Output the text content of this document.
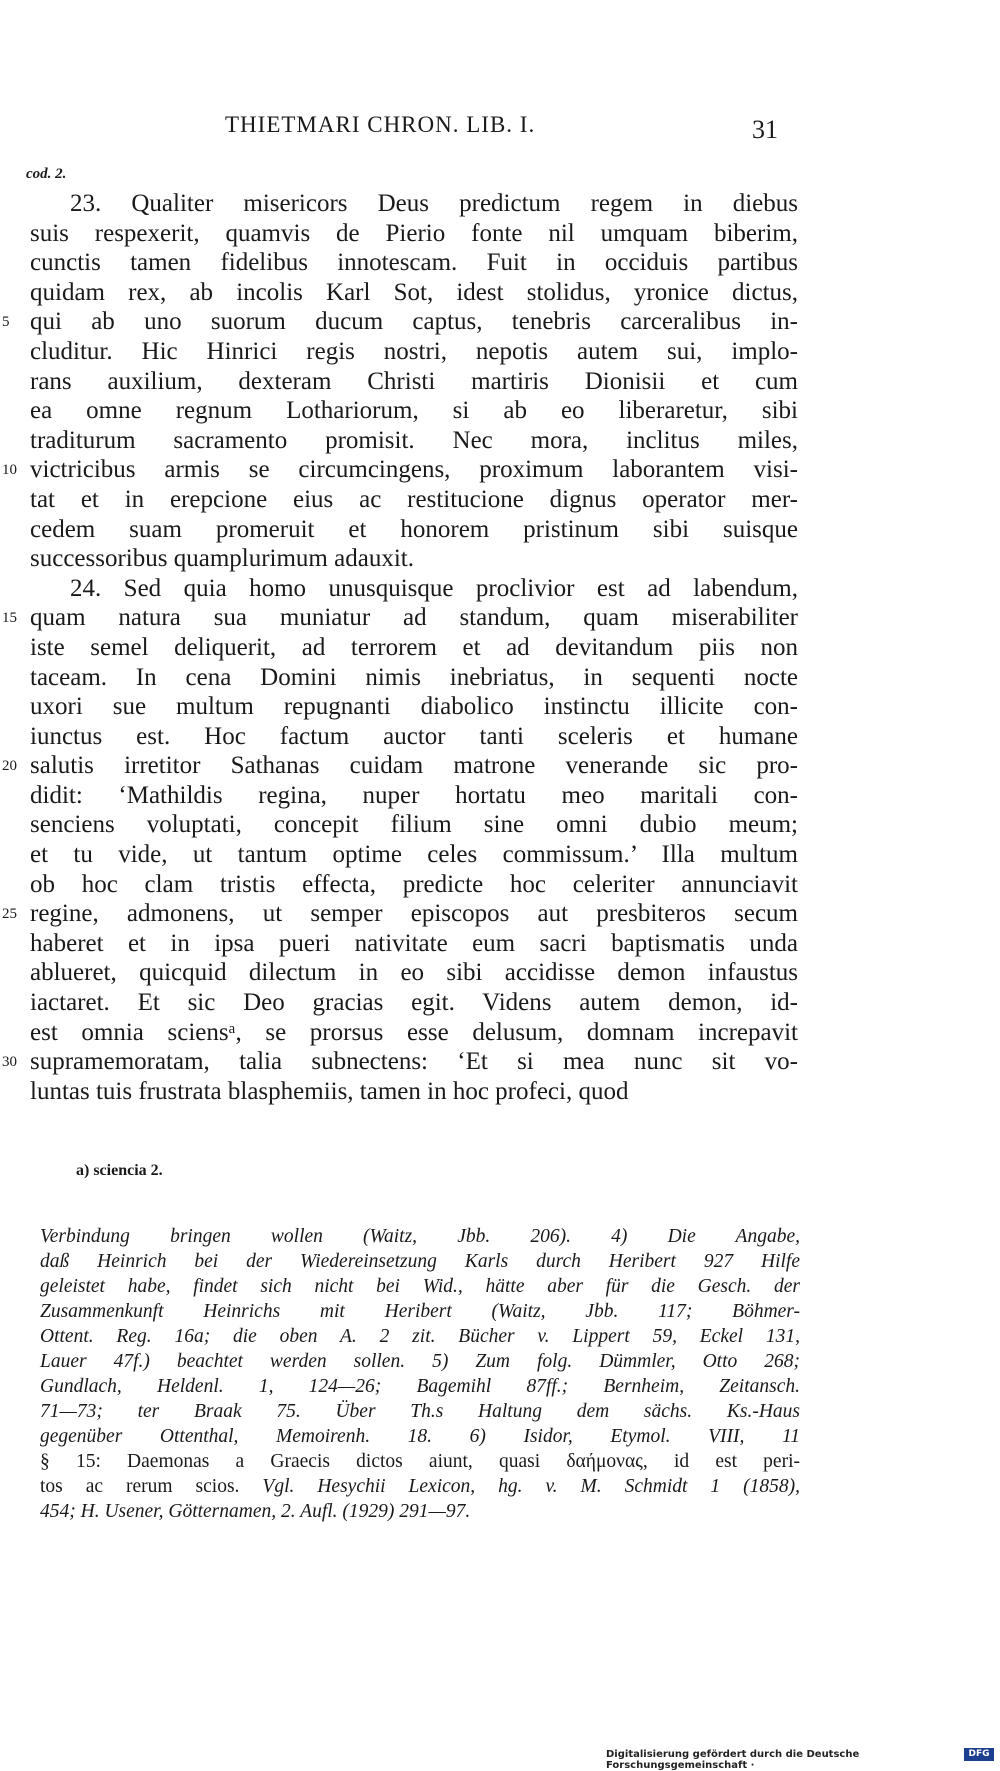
THIETMARI CHRON. LIB. I.	31
cod. 2.
23. Qualiter misericors Deus predictum regem in diebus
suis respexerit, quamvis de Pierio fonte nil umquam biberim,
cunctis tamen fidelibus innotescam. Fuit in occiduis partibus
quidam rex, ab incolis Karl Sot, idest stolidus, yronice dictus,
5 qui ab uno suorum ducum captus, tenebris carceralibus in-
cluditur. Hic Hinrici regis nostri, nepotis autem sui, implo-
rans auxilium, dexteram Christi martiris Dionisii et cum
ea omne regnum Lothariorum, si ab eo liberaretur, sibi
traditurum sacramento promisit. Nec mora, inclitus miles,
10 victricibus armis se circumcingens, proximum laborantem visi-
tat et in erepcione eius ac restitucione dignus operator mer-
cedem suam promeruit et honorem pristinum sibi suisque
successoribus quamplurimum adauxit.
24. Sed quia homo unusquisque proclivior est ad labendum,
15 quam natura sua muniatur ad standum, quam miserabiliter
iste semel deliquerit, ad terrorem et ad devitandum piis non
taceam. In cena Domini nimis inebriatus, in sequenti nocte
uxori sue multum repugnanti diabolico instinctu illicite con-
iunctus est. Hoc factum auctor tanti sceleris et humane
20 salutis irretitor Sathanas cuidam matrone venerande sic pro-
didit: ‘Mathildis regina, nuper hortatu meo maritali con-
senciens voluptati, concepit filium sine omni dubio meum;
et tu vide, ut tantum optime celes commissum.’ Illa multum
ob hoc clam tristis effecta, predicte hoc celeriter annunciavit
25 regine, admonens, ut semper episcopos aut presbiteros secum
haberet et in ipsa pueri nativitate eum sacri baptismatis unda
ablueret, quicquid dilectum in eo sibi accidisse demon infaustus
iactaret. Et sic Deo gracias egit. Videns autem demon, id-
est omnia sciensᵃ, se prorsus esse delusum, domnam increpavit
30 supramemoratam, talia subnectens: ‘Et si mea nunc sit vo-
luntas tuis frustrata blasphemiis, tamen in hoc profeci, quod
a) sciencia 2.
Verbindung bringen wollen (Waitz, Jbb. 206). 4) Die Angabe,
daß Heinrich bei der Wiedereinsetzung Karls durch Heribert 927 Hilfe
geleistet habe, findet sich nicht bei Wid., hätte aber für die Gesch. der
Zusammenkunft Heinrichs mit Heribert (Waitz, Jbb. 117; Böhmer-
Ottent. Reg. 16a; die oben A. 2 zit. Bücher v. Lippert 59, Eckel 131,
Lauer 47f.) beachtet werden sollen. 5) Zum folg. Dümmler, Otto 268;
Gundlach, Heldenl. 1, 124—26; Bagemihl 87ff.; Bernheim, Zeitansch.
71—73; ter Braak 75. Über Th.s Haltung dem sächs. Ks.-Haus
gegenüber Ottenthal, Memoirenh. 18. 6) Isidor, Etymol. VIII, 11
§ 15: Daemonas a Graecis dictos aiunt, quasi δαήμονας, id est peri-
tos ac rerum scios. Vgl. Hesychii Lexicon, hg. v. M. Schmidt 1 (1858),
454; H. Usener, Götternamen, 2. Aufl. (1929) 291—97.
Digitalisierung gefördert durch die Deutsche Forschungsgemeinschaft ·
DFG
